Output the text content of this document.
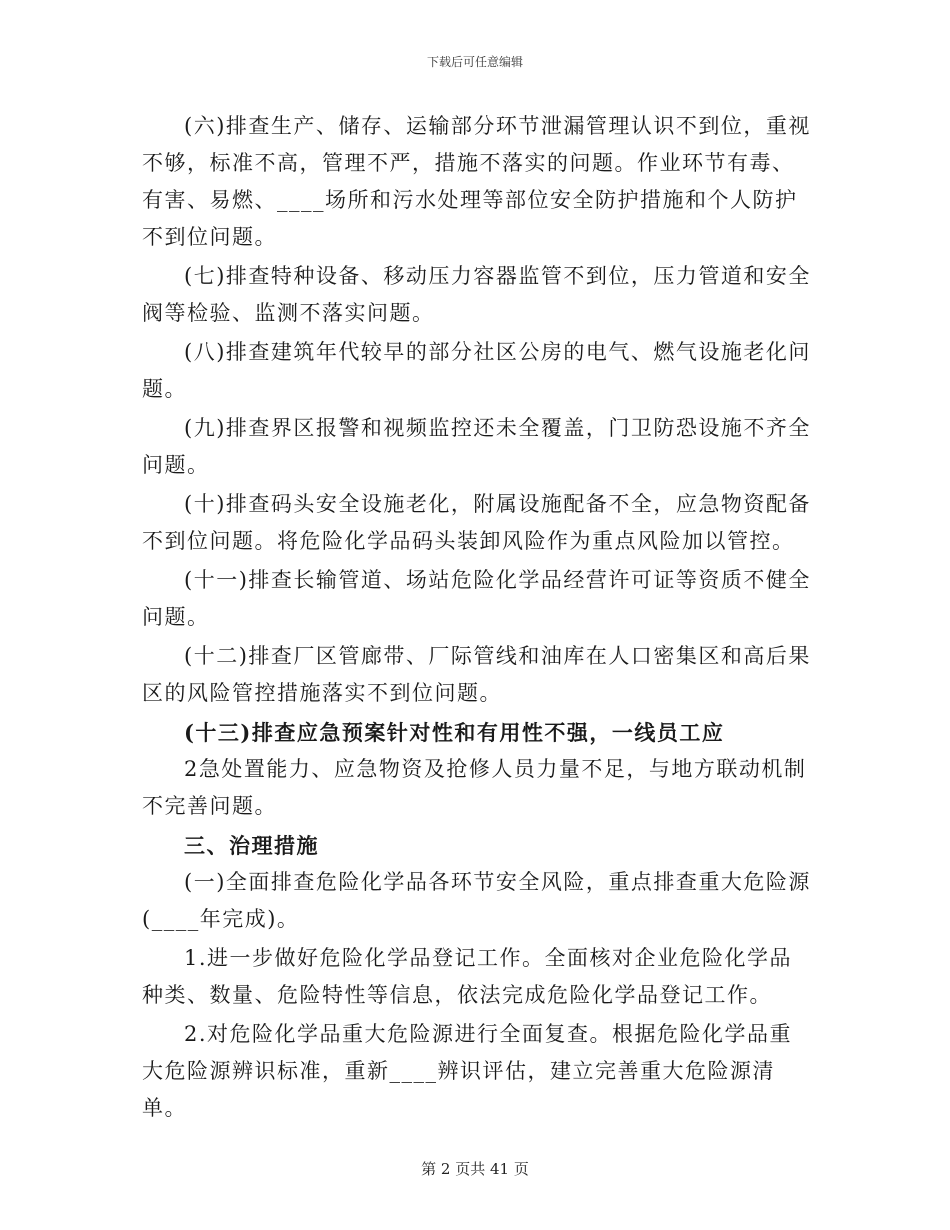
下载后可任意编辑

(六)排查生产、储存、运输部分环节泄漏管理认识不到位，重视不够，标准不高，管理不严，措施不落实的问题。作业环节有毒、有害、易燃、____场所和污水处理等部位安全防护措施和个人防护不到位问题。

(七)排查特种设备、移动压力容器监管不到位，压力管道和安全阀等检验、监测不落实问题。

(八)排查建筑年代较早的部分社区公房的电气、燃气设施老化问题。

(九)排查界区报警和视频监控还未全覆盖，门卫防恐设施不齐全问题。

(十)排查码头安全设施老化，附属设施配备不全，应急物资配备不到位问题。将危险化学品码头装卸风险作为重点风险加以管控。

(十一)排查长输管道、场站危险化学品经营许可证等资质不健全问题。

(十二)排查厂区管廊带、厂际管线和油库在人口密集区和高后果区的风险管控措施落实不到位问题。

(十三)排查应急预案针对性和有用性不强，一线员工应

2急处置能力、应急物资及抢修人员力量不足，与地方联动机制不完善问题。

三、治理措施

(一)全面排查危险化学品各环节安全风险，重点排查重大危险源(____年完成)。

1.进一步做好危险化学品登记工作。全面核对企业危险化学品种类、数量、危险特性等信息，依法完成危险化学品登记工作。

2.对危险化学品重大危险源进行全面复查。根据危险化学品重大危险源辨识标准，重新____辨识评估，建立完善重大危险源清单。

第 2 页共 41 页
